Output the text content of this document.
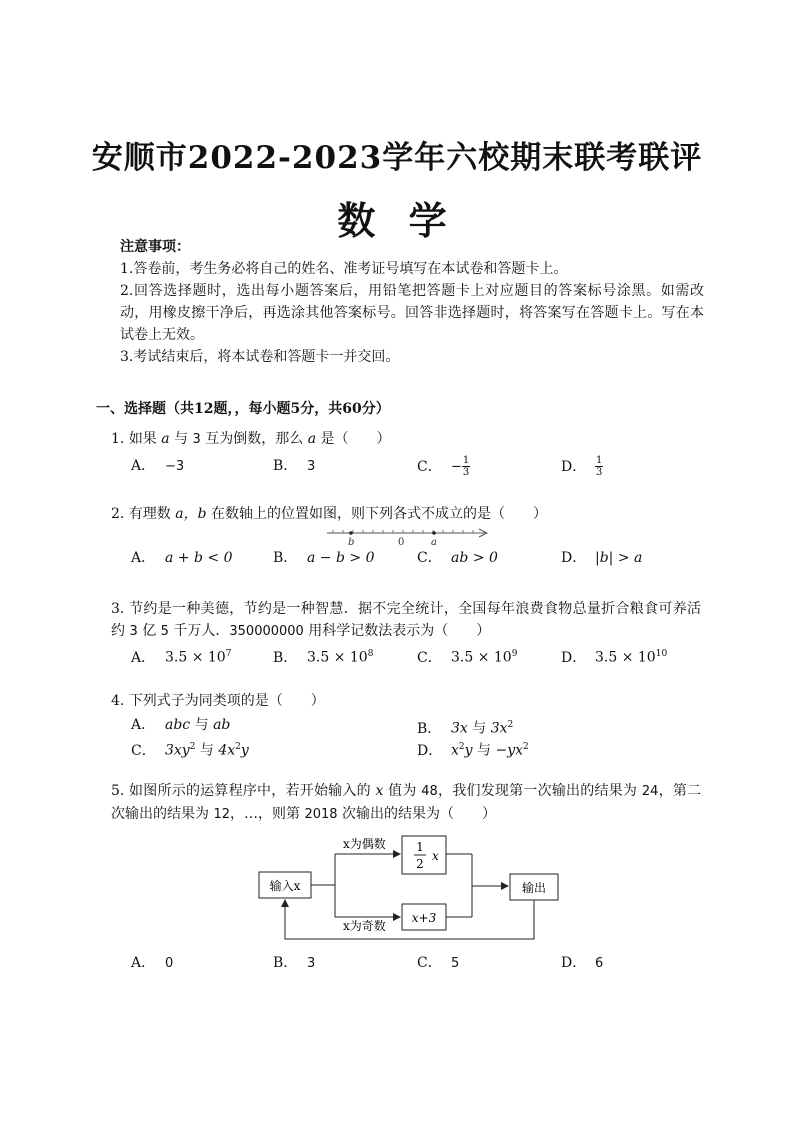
安顺市2022-2023学年六校期末联考联评
数 学

注意事项：

1.答卷前，考生务必将自己的姓名、准考证号填写在本试卷和答题卡上。

2.回答选择题时，选出每小题答案后，用铅笔把答题卡上对应题目的答案标号涂黑。如需改动，用橡皮擦干净后，再选涂其他答案标号。回答非选择题时，将答案写在答题卡上。写在本试卷上无效。

3.考试结束后，将本试卷和答题卡一并交回。

一、选择题（共12题，，每小题5分，共60分）
1. 如果 a 与 3 互为倒数，那么 a 是（　　）
A． −3	B． 3	C． − $\frac{1}{3}$	D． $\frac{1}{3}$
2. 有理数 a，b 在数轴上的位置如图，则下列各式不成立的是（　　）
b	0	a
A． a + b < 0	B． a − b > 0	C． ab > 0	D． |b| > a
3. 节约是一种美德，节约是一种智慧．据不完全统计，全国每年浪费食物总量折合粮食可养活约 3 亿 5 千万人．350000000 用科学记数法表示为（　　）
A． $3.5 \times 10^7$	B． $3.5 \times 10^8$	C． $3.5 \times 10^9$	D． $3.5 \times 10^{10}$
4. 下列式子为同类项的是（　　）
A． abc 与 ab	B． 3x 与 $3x^2$
C． $3xy^2$ 与 $4x^2y$	D． $x^2y$ 与 $-yx^2$
5. 如图所示的运算程序中，若开始输入的 x 值为 48，我们发现第一次输出的结果为 24，第二次输出的结果为 12，…，则第 2018 次输出的结果为（　　）
输入x
x为偶数
x为奇数
1
2
x
x+3
输出
A． 0	B． 3	C． 5	D． 6
